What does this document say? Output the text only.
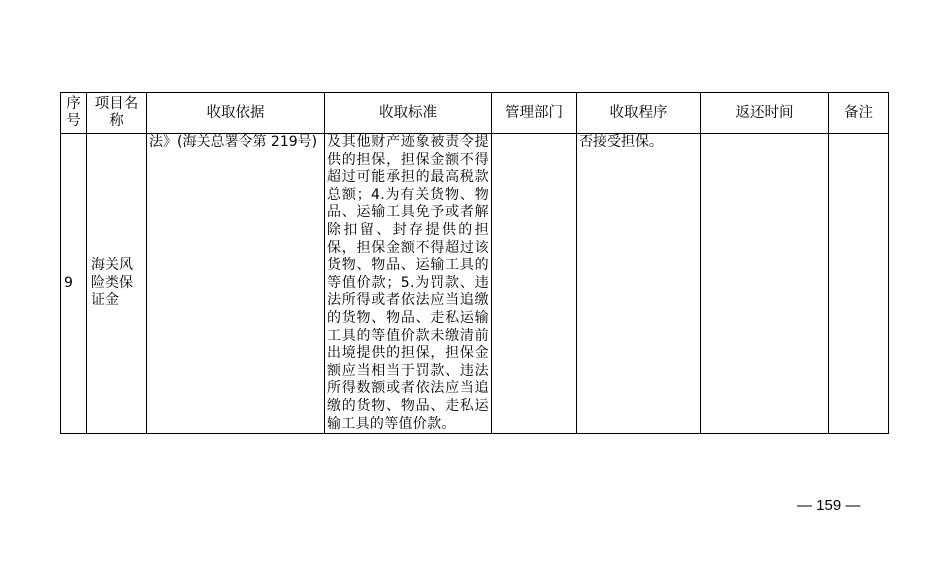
序号	项目名称	收取依据	收取标准	管理部门	收取程序	返还时间	备注
9	海关风险类保证金	法》(海关总署令第 219号)	及其他财产迹象被责令提供的担保，担保金额不得超过可能承担的最高税款总额；4.为有关货物、物品、运输工具免予或者解除扣留、封存提供的担保，担保金额不得超过该货物、物品、运输工具的等值价款；5.为罚款、违法所得或者依法应当追缴的货物、物品、走私运输工具的等值价款未缴清前出境提供的担保，担保金额应当相当于罚款、违法所得数额或者依法应当追缴的货物、物品、走私运输工具的等值价款。		否接受担保。		
— 159 —
